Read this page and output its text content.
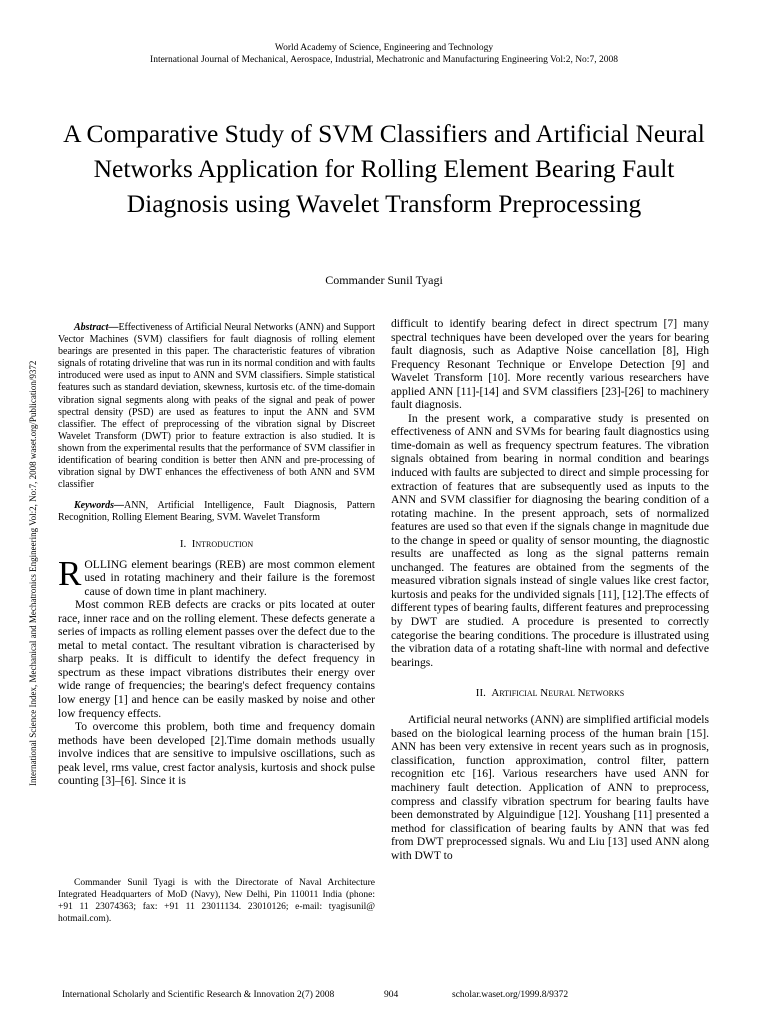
World Academy of Science, Engineering and Technology
International Journal of Mechanical, Aerospace, Industrial, Mechatronic and Manufacturing Engineering Vol:2, No:7, 2008
A Comparative Study of SVM Classifiers and Artificial Neural Networks Application for Rolling Element Bearing Fault Diagnosis using Wavelet Transform Preprocessing
Commander Sunil Tyagi
International Science Index, Mechanical and Mechatronics Engineering Vol:2, No:7, 2008 waset.org/Publication/9372

Abstract—Effectiveness of Artificial Neural Networks (ANN) and Support Vector Machines (SVM) classifiers for fault diagnosis of rolling element bearings are presented in this paper. The characteristic features of vibration signals of rotating driveline that was run in its normal condition and with faults introduced were used as input to ANN and SVM classifiers. Simple statistical features such as standard deviation, skewness, kurtosis etc. of the time-domain vibration signal segments along with peaks of the signal and peak of power spectral density (PSD) are used as features to input the ANN and SVM classifier. The effect of preprocessing of the vibration signal by Discreet Wavelet Transform (DWT) prior to feature extraction is also studied. It is shown from the experimental results that the performance of SVM classifier in identification of bearing condition is better then ANN and pre-processing of vibration signal by DWT enhances the effectiveness of both ANN and SVM classifier

Keywords—ANN, Artificial Intelligence, Fault Diagnosis, Pattern Recognition, Rolling Element Bearing, SVM. Wavelet Transform

I. Introduction

ROLLING element bearings (REB) are most common element used in rotating machinery and their failure is the foremost cause of down time in plant machinery.

Most common REB defects are cracks or pits located at outer race, inner race and on the rolling element. These defects generate a series of impacts as rolling element passes over the defect due to the metal to metal contact. The resultant vibration is characterised by sharp peaks. It is difficult to identify the defect frequency in spectrum as these impact vibrations distributes their energy over wide range of frequencies; the bearing's defect frequency contains low energy [1] and hence can be easily masked by noise and other low frequency effects.

To overcome this problem, both time and frequency domain methods have been developed [2].Time domain methods usually involve indices that are sensitive to impulsive oscillations, such as peak level, rms value, crest factor analysis, kurtosis and shock pulse counting [3]–[6]. Since it is

Commander Sunil Tyagi is with the Directorate of Naval Architecture Integrated Headquarters of MoD (Navy), New Delhi, Pin 110011 India (phone: +91 11 23074363; fax: +91 11 23011134. 23010126; e-mail: tyagisunil@ hotmail.com).

difficult to identify bearing defect in direct spectrum [7] many spectral techniques have been developed over the years for bearing fault diagnosis, such as Adaptive Noise cancellation [8], High Frequency Resonant Technique or Envelope Detection [9] and Wavelet Transform [10]. More recently various researchers have applied ANN [11]-[14] and SVM classifiers [23]-[26] to machinery fault diagnosis.

In the present work, a comparative study is presented on effectiveness of ANN and SVMs for bearing fault diagnostics using time-domain as well as frequency spectrum features. The vibration signals obtained from bearing in normal condition and bearings induced with faults are subjected to direct and simple processing for extraction of features that are subsequently used as inputs to the ANN and SVM classifier for diagnosing the bearing condition of a rotating machine. In the present approach, sets of normalized features are used so that even if the signals change in magnitude due to the change in speed or quality of sensor mounting, the diagnostic results are unaffected as long as the signal patterns remain unchanged. The features are obtained from the segments of the measured vibration signals instead of single values like crest factor, kurtosis and peaks for the undivided signals [11], [12].The effects of different types of bearing faults, different features and preprocessing by DWT are studied. A procedure is presented to correctly categorise the bearing conditions. The procedure is illustrated using the vibration data of a rotating shaft-line with normal and defective bearings.

II. Artificial Neural Networks

Artificial neural networks (ANN) are simplified artificial models based on the biological learning process of the human brain [15]. ANN has been very extensive in recent years such as in prognosis, classification, function approximation, control filter, pattern recognition etc [16]. Various researchers have used ANN for machinery fault detection. Application of ANN to preprocess, compress and classify vibration spectrum for bearing faults have been demonstrated by Alguindigue [12]. Youshang [11] presented a method for classification of bearing faults by ANN that was fed from DWT preprocessed signals. Wu and Liu [13] used ANN along with DWT to

International Scholarly and Scientific Research & Innovation 2(7) 2008	904	scholar.waset.org/1999.8/9372
